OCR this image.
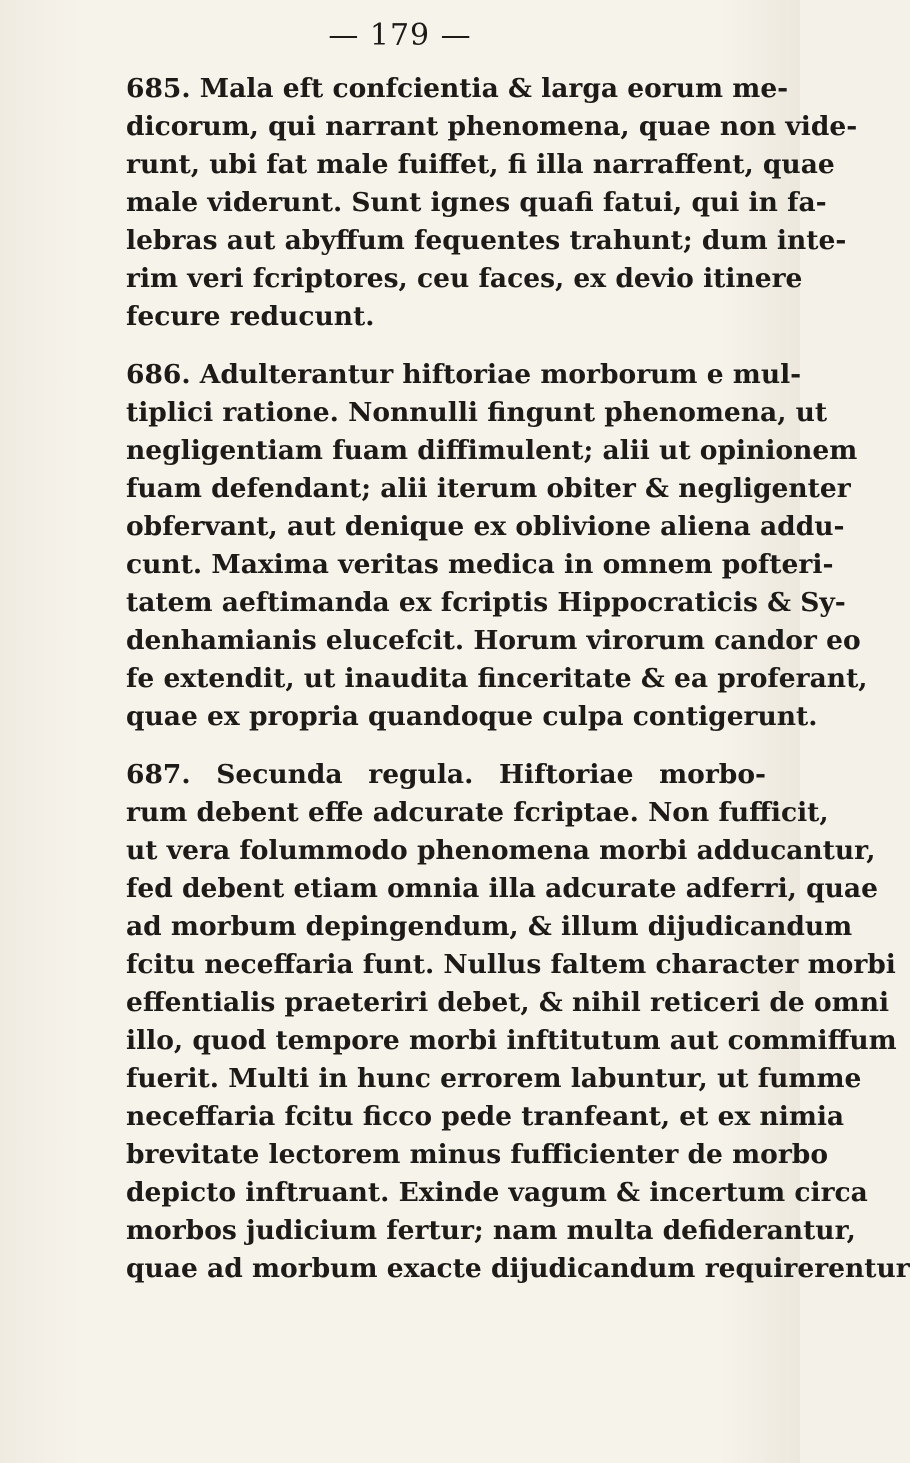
— 179 —
685. Mala eft confcientia & larga eorum me-
dicorum, qui narrant phenomena, quae non vide-
runt, ubi fat male fuiffet, fi illa narraffent, quae
male viderunt. Sunt ignes quafi fatui, qui in fa-
lebras aut abyffum fequentes trahunt; dum inte-
rim veri fcriptores, ceu faces, ex devio itinere
fecure reducunt.
686. Adulterantur hiftoriae morborum e mul-
tiplici ratione. Nonnulli fingunt phenomena, ut
negligentiam fuam diffimulent; alii ut opinionem
fuam defendant; alii iterum obiter & negligenter
obfervant, aut denique ex oblivione aliena addu-
cunt. Maxima veritas medica in omnem pofteri-
tatem aeftimanda ex fcriptis Hippocraticis & Sy-
denhamianis elucefcit. Horum virorum candor eo
fe extendit, ut inaudita finceritate & ea proferant,
quae ex propria quandoque culpa contigerunt.
687. Secunda regula. Hiftoriae morbo-
rum debent effe adcurate fcriptae. Non fufficit,
ut vera folummodo phenomena morbi adducantur,
fed debent etiam omnia illa adcurate adferri, quae
ad morbum depingendum, & illum dijudicandum
fcitu neceffaria funt. Nullus faltem character morbi
effentialis praeteriri debet, & nihil reticeri de omni
illo, quod tempore morbi inftitutum aut commiffum
fuerit. Multi in hunc errorem labuntur, ut fumme
neceffaria fcitu ficco pede tranfeant, et ex nimia
brevitate lectorem minus fufficienter de morbo
depicto inftruant. Exinde vagum & incertum circa
morbos judicium fertur; nam multa defiderantur,
quae ad morbum exacte dijudicandum requirerentur
